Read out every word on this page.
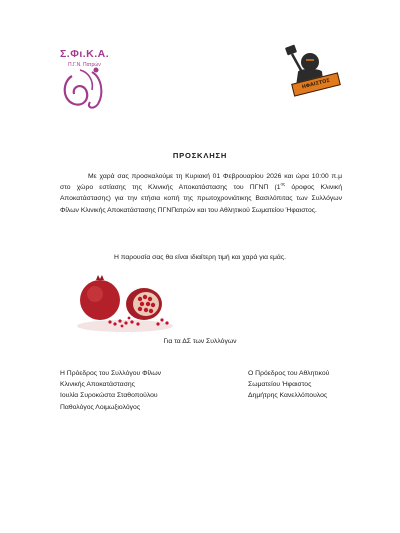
Σ.Φι.Κ.Α.
Π.Γ.Ν. Πατρών
ΗΦΑΙΣΤΟΣ
ΠΡΟΣΚΛΗΣΗ
Με χαρά σας προσκαλούμε τη Κυριακή 01 Φεβρουαρίου 2026 και ώρα 10:00 π.μ στο χώρο εστίασης της Κλινικής Αποκατάστασης του ΠΓΝΠ ($1^{o\varsigma}$ όροφος Κλινική Αποκατάστασης) για την ετήσια κοπή της πρωτοχρονιάτικης Βασιλόπιτας των Συλλόγων Φίλων Κλινικής Αποκατάστασης ΠΓΝΠατρών και του Αθλητικού Σωματείου Ήφαιστος.
Η παρουσία σας θα είναι ιδιαίτερη τιμή και χαρά για εμάς.
Για τα ΔΣ των Συλλόγων
Η Πρόεδρος του Συλλόγου Φίλων
Κλινικής Αποκατάστασης
Ιουλία Συροκώστα Σταθοπούλου
Παθολόγος Λοιμωξιολόγος
Ο Πρόεδρος του Αθλητικού
Σωματείου Ήφαιστος
Δημήτρης Κανελλόπουλος
